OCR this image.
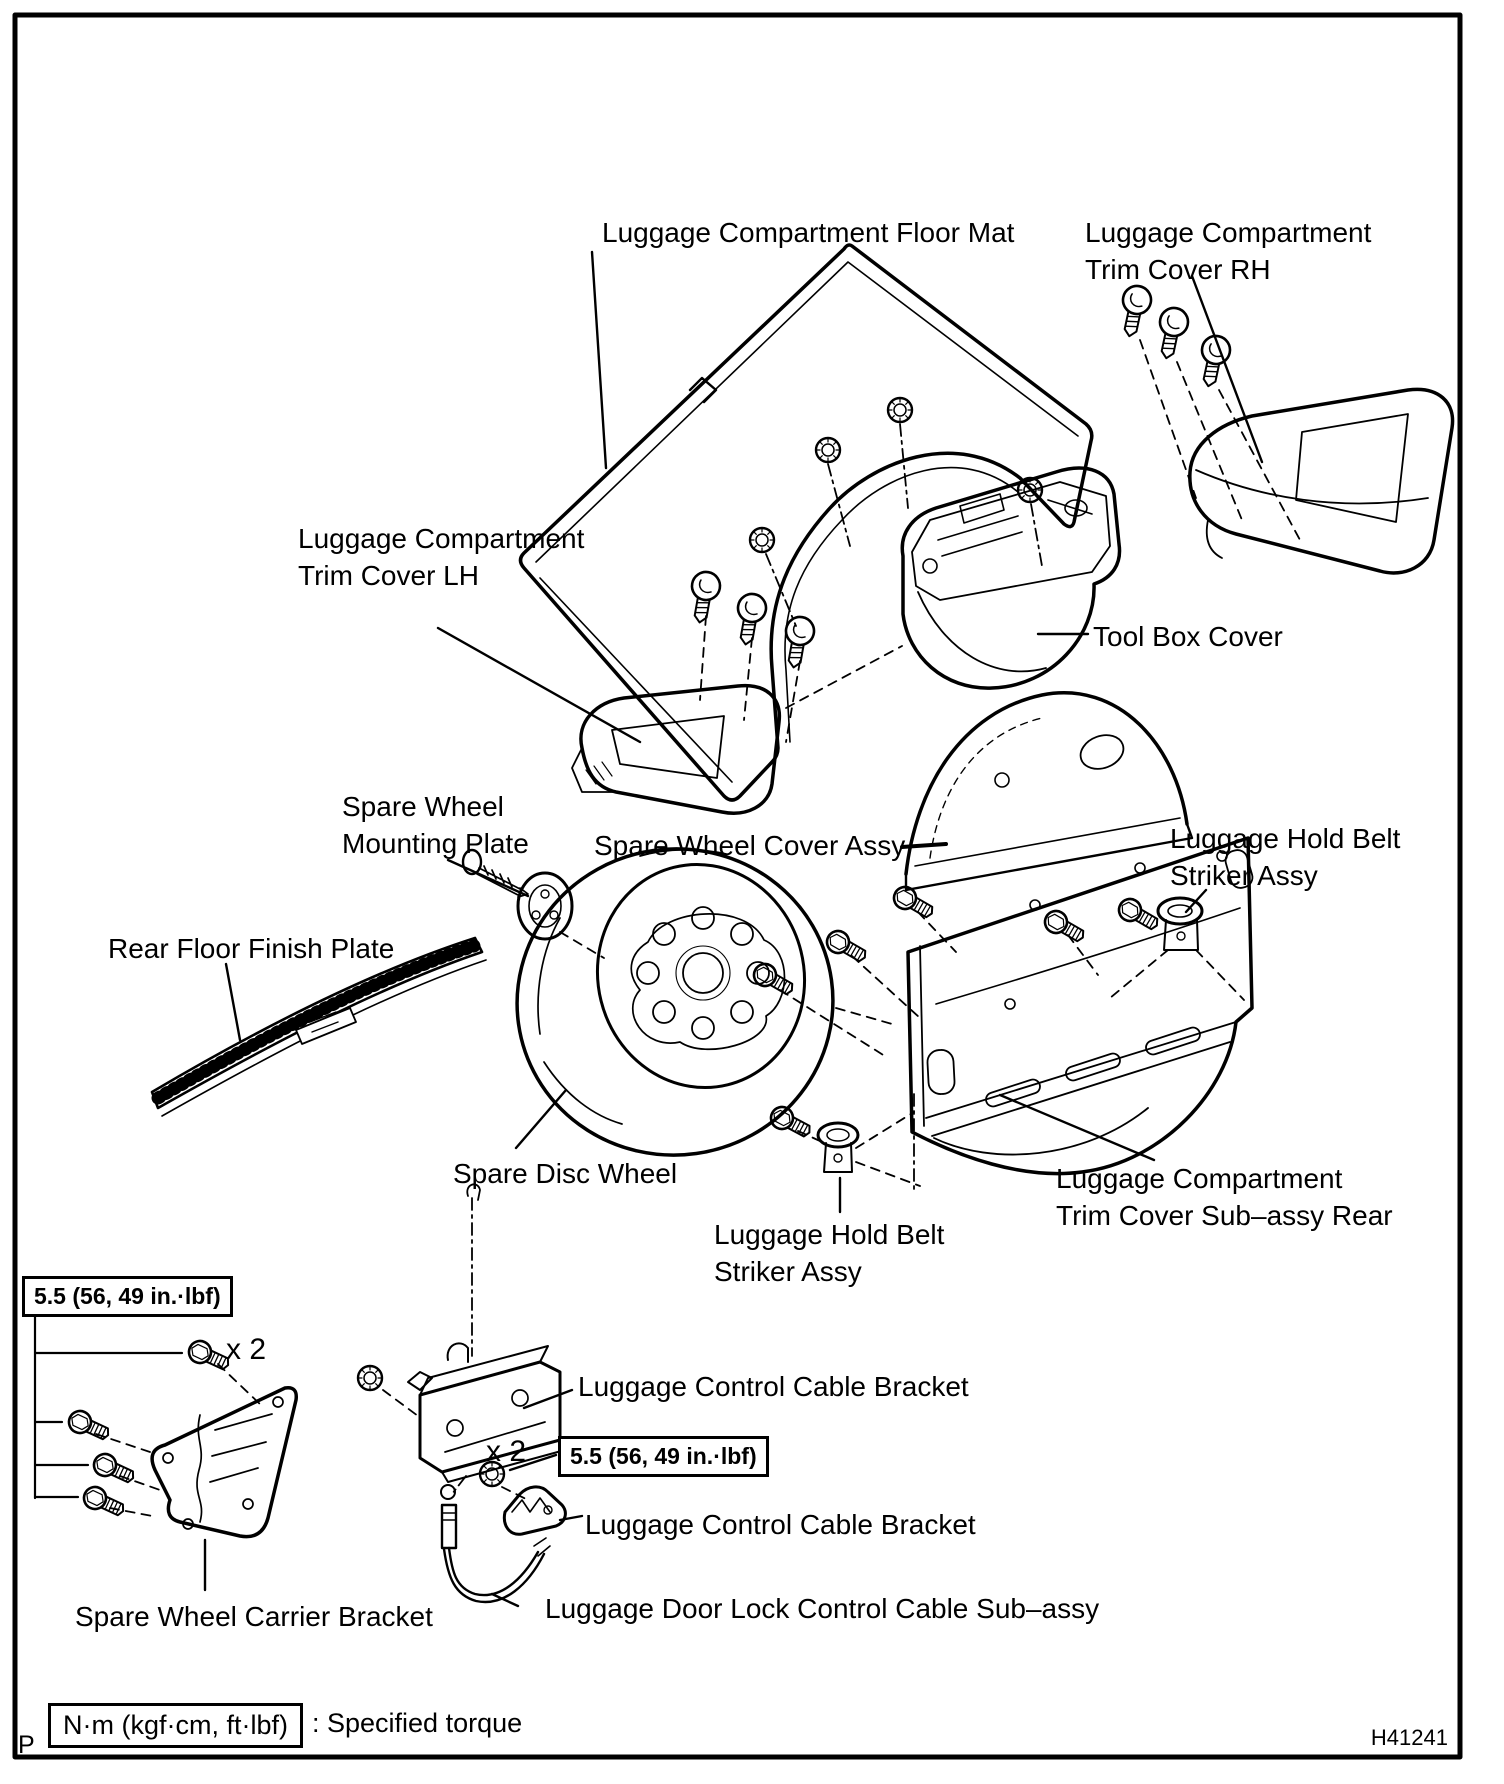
Luggage Compartment Floor Mat	Luggage Compartment
Trim Cover RH
Luggage Compartment
Trim Cover LH
Tool Box Cover
Spare Wheel
Mounting Plate Spare Wheel Cover Assy	Luggage Hold Belt
Striker Assy
Rear Floor Finish Plate
Spare Disc Wheel
Luggage Hold Belt
Striker Assy
Luggage Compartment
Trim Cover Sub–assy Rear
Luggage Control Cable Bracket
Luggage Control Cable Bracket
Spare Wheel Carrier Bracket	Luggage Door Lock Control Cable Sub–assy
5.5 (56, 49 in.·lbf)
x 2
5.5 (56, 49 in.·lbf)
x 2
N·m (kgf·cm, ft·lbf) : Specified torque
P	H41241
